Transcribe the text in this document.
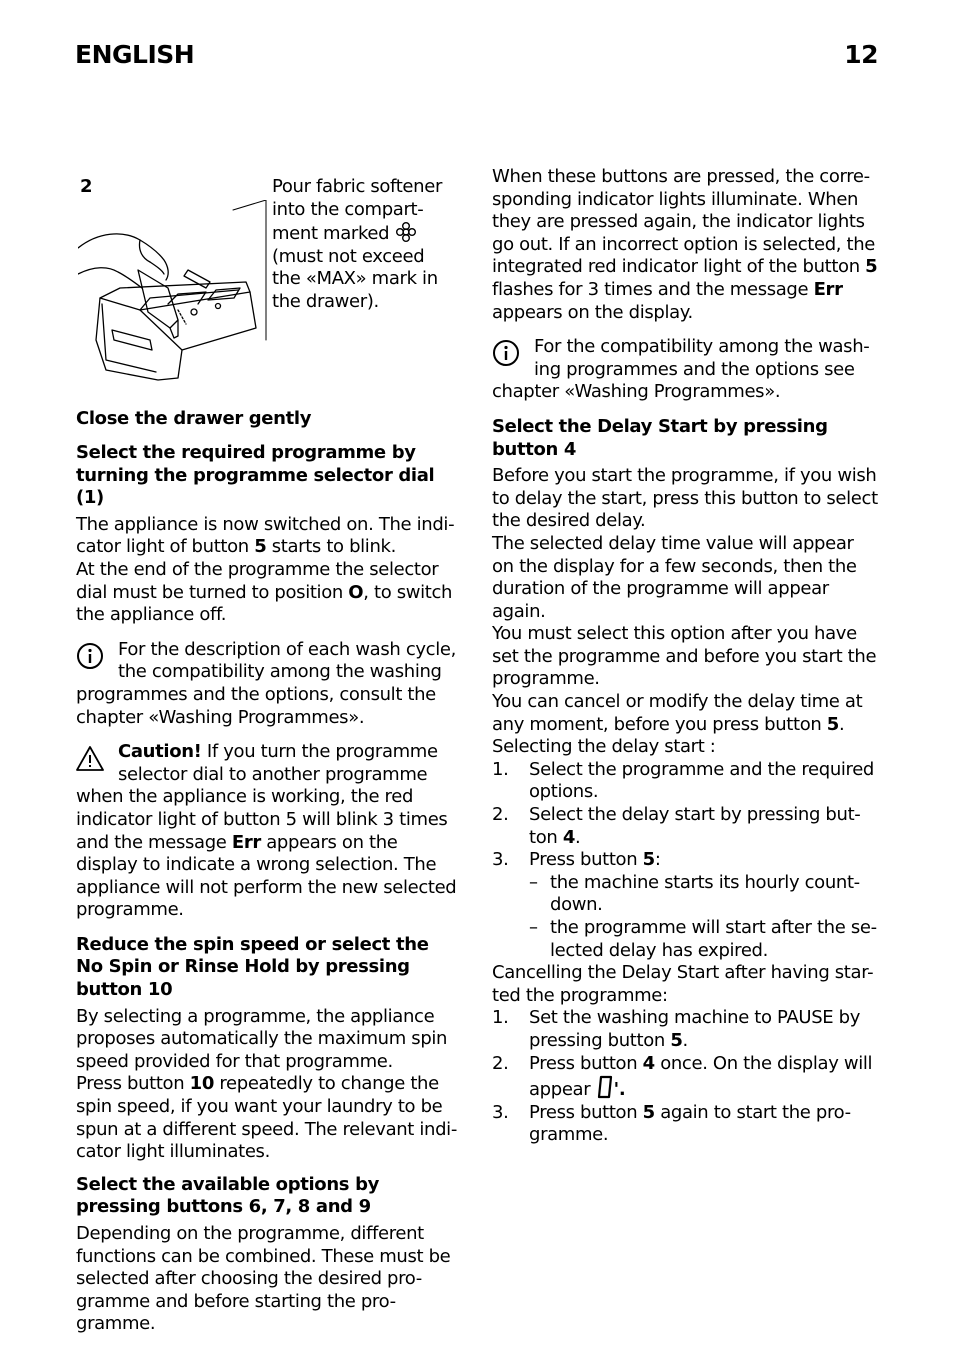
ENGLISH	12
2	Pour fabric softener into the compart-ment marked  (must not exceed the «MAX» mark in the drawer).

Close the drawer gently

Select the required programme by turning the programme selector dial (1)

The appliance is now switched on. The indi-cator light of button 5 starts to blink.

At the end of the programme the selector dial must be turned to position O, to switch the appliance off.

For the description of each wash cycle, the compatibility among the washing programmes and the options, consult the chapter «Washing Programmes».

Caution! If you turn the programme selector dial to another programme when the appliance is working, the red indicator light of button 5 will blink 3 times and the message Err appears on the display to indicate a wrong selection. The appliance will not perform the new selected programme.

Reduce the spin speed or select the No Spin or Rinse Hold by pressing button 10

By selecting a programme, the appliance proposes automatically the maximum spin speed provided for that programme.

Press button 10 repeatedly to change the spin speed, if you want your laundry to be spun at a different speed. The relevant indi-cator light illuminates.

Select the available options by pressing buttons 6, 7, 8 and 9

Depending on the programme, different functions can be combined. These must be selected after choosing the desired pro-gramme and before starting the pro-gramme.

When these buttons are pressed, the corre-sponding indicator lights illuminate. When they are pressed again, the indicator lights go out. If an incorrect option is selected, the integrated red indicator light of the button 5 flashes for 3 times and the message Err appears on the display.

For the compatibility among the wash-ing programmes and the options see chapter «Washing Programmes».

Select the Delay Start by pressing button 4

Before you start the programme, if you wish to delay the start, press this button to select the desired delay.

The selected delay time value will appear on the display for a few seconds, then the duration of the programme will appear again.

You must select this option after you have set the programme and before you start the programme.

You can cancel or modify the delay time at any moment, before you press button 5.

Selecting the delay start :

1. Select the programme and the required options.
2. Select the delay start by pressing but-ton 4.
3. Press button 5:
– the machine starts its hourly count-down.
– the programme will start after the se-lected delay has expired.

Cancelling the Delay Start after having star-ted the programme:

1. Set the washing machine to PAUSE by pressing button 5.
2. Press button 4 once. On the display will appear '.
3. Press button 5 again to start the pro-gramme.
